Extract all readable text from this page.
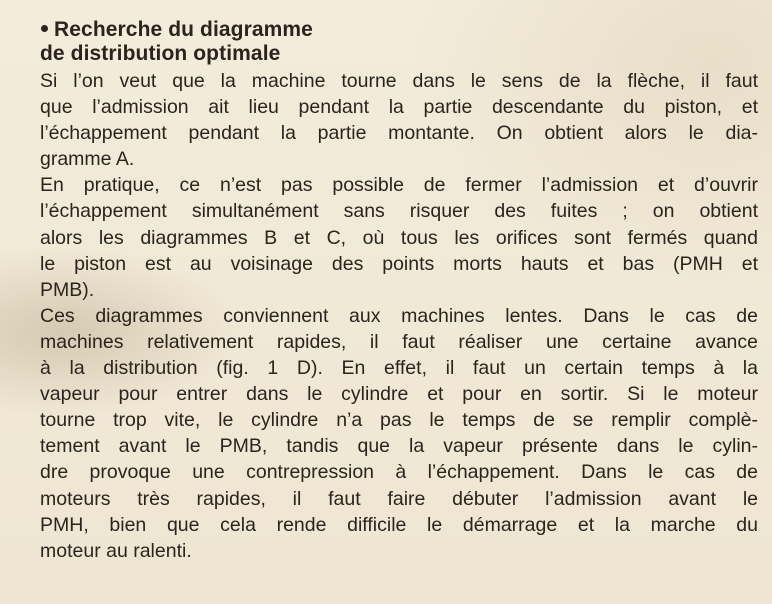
Recherche du diagramme
de distribution optimale

Si l’on veut que la machine tourne dans le sens de la flèche, il faut
que l’admission ait lieu pendant la partie descendante du piston, et
l’échappement pendant la partie montante. On obtient alors le dia-
gramme A.

En pratique, ce n’est pas possible de fermer l’admission et d’ouvrir
l’échappement simultanément sans risquer des fuites ; on obtient
alors les diagrammes B et C, où tous les orifices sont fermés quand
le piston est au voisinage des points morts hauts et bas (PMH et
PMB).

Ces diagrammes conviennent aux machines lentes. Dans le cas de
machines relativement rapides, il faut réaliser une certaine avance
à la distribution (fig. 1 D). En effet, il faut un certain temps à la
vapeur pour entrer dans le cylindre et pour en sortir. Si le moteur
tourne trop vite, le cylindre n’a pas le temps de se remplir complè-
tement avant le PMB, tandis que la vapeur présente dans le cylin-
dre provoque une contrepression à l’échappement. Dans le cas de
moteurs très rapides, il faut faire débuter l’admission avant le
PMH, bien que cela rende difficile le démarrage et la marche du
moteur au ralenti.
